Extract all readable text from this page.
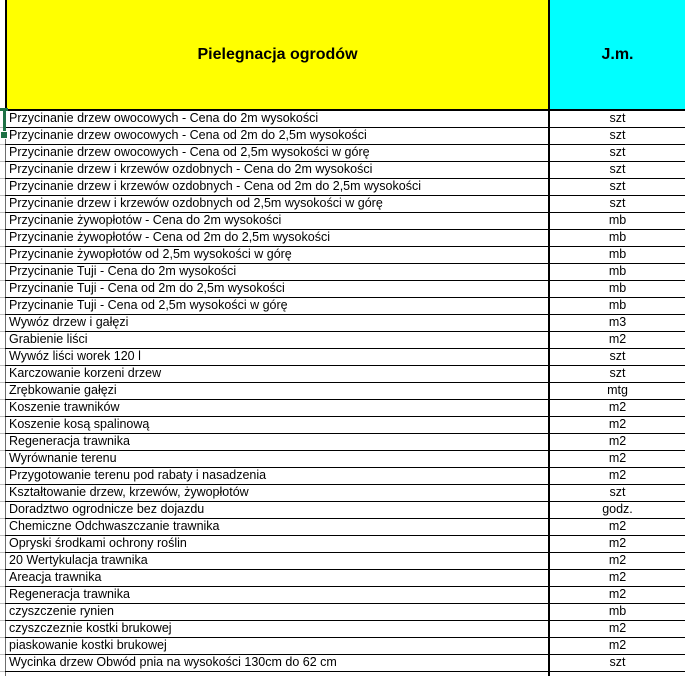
Pielegnacja ogrodów	J.m.
Przycinanie drzew owocowych - Cena do 2m wysokości	szt
Przycinanie drzew owocowych - Cena od 2m do 2,5m wysokości	szt
Przycinanie drzew owocowych - Cena od 2,5m wysokości w górę	szt
Przycinanie drzew i krzewów ozdobnych - Cena do 2m wysokości	szt
Przycinanie drzew i krzewów ozdobnych - Cena od 2m do 2,5m wysokości	szt
Przycinanie drzew i krzewów ozdobnych od 2,5m wysokości w górę	szt
Przycinanie żywopłotów - Cena do 2m wysokości	mb
Przycinanie żywopłotów - Cena od 2m do 2,5m wysokości	mb
Przycinanie żywopłotów od 2,5m wysokości w górę	mb
Przycinanie Tuji - Cena do 2m wysokości	mb
Przycinanie Tuji - Cena od 2m do 2,5m wysokości	mb
Przycinanie Tuji - Cena od 2,5m wysokości w górę	mb
Wywóz drzew i gałęzi	m3
Grabienie liści	m2
Wywóz liści worek 120 l	szt
Karczowanie korzeni drzew	szt
Zrębkowanie gałęzi	mtg
Koszenie trawników	m2
Koszenie kosą spalinową	m2
Regeneracja trawnika	m2
Wyrównanie terenu	m2
Przygotowanie terenu pod rabaty i nasadzenia	m2
Kształtowanie drzew, krzewów, żywopłotów	szt
Doradztwo ogrodnicze bez dojazdu	godz.
Chemiczne Odchwaszczanie trawnika	m2
Opryski środkami ochrony roślin	m2
20 Wertykulacja trawnika	m2
Areacja trawnika	m2
Regeneracja trawnika	m2
czyszczenie rynien	mb
czyszczeznie kostki brukowej	m2
piaskowanie kostki brukowej	m2
Wycinka drzew Obwód pnia na wysokości 130cm do 62 cm	szt
